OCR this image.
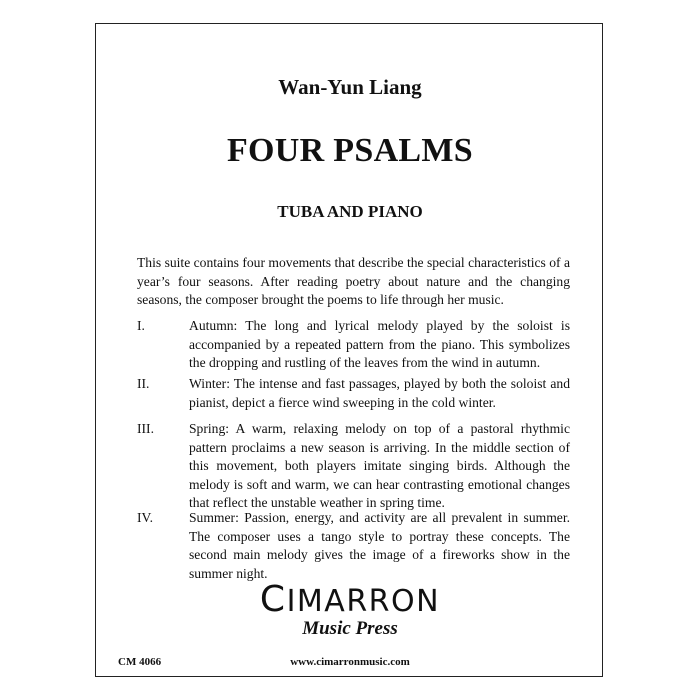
Wan-Yun Liang
FOUR PSALMS
TUBA AND PIANO

This suite contains four movements that describe the special characteristics of a year’s four seasons. After reading poetry about nature and the changing seasons, the composer brought the poems to life through her music.

I.	Autumn: The long and lyrical melody played by the soloist is accompanied by a repeated pattern from the piano. This symbolizes the dropping and rustling of the leaves from the wind in autumn.
II.	Winter: The intense and fast passages, played by both the soloist and pianist, depict a fierce wind sweeping in the cold winter.
III.	Spring: A warm, relaxing melody on top of a pastoral rhythmic pattern proclaims a new season is arriving. In the middle section of this movement, both players imitate singing birds. Although the melody is soft and warm, we can hear contrasting emotional changes that reflect the unstable weather in spring time.
IV.	Summer: Passion, energy, and activity are all prevalent in summer. The composer uses a tango style to portray these concepts. The second main melody gives the image of a fireworks show in the summer night.
CIMARRON
Music Press
CM 4066	www.cimarronmusic.com
